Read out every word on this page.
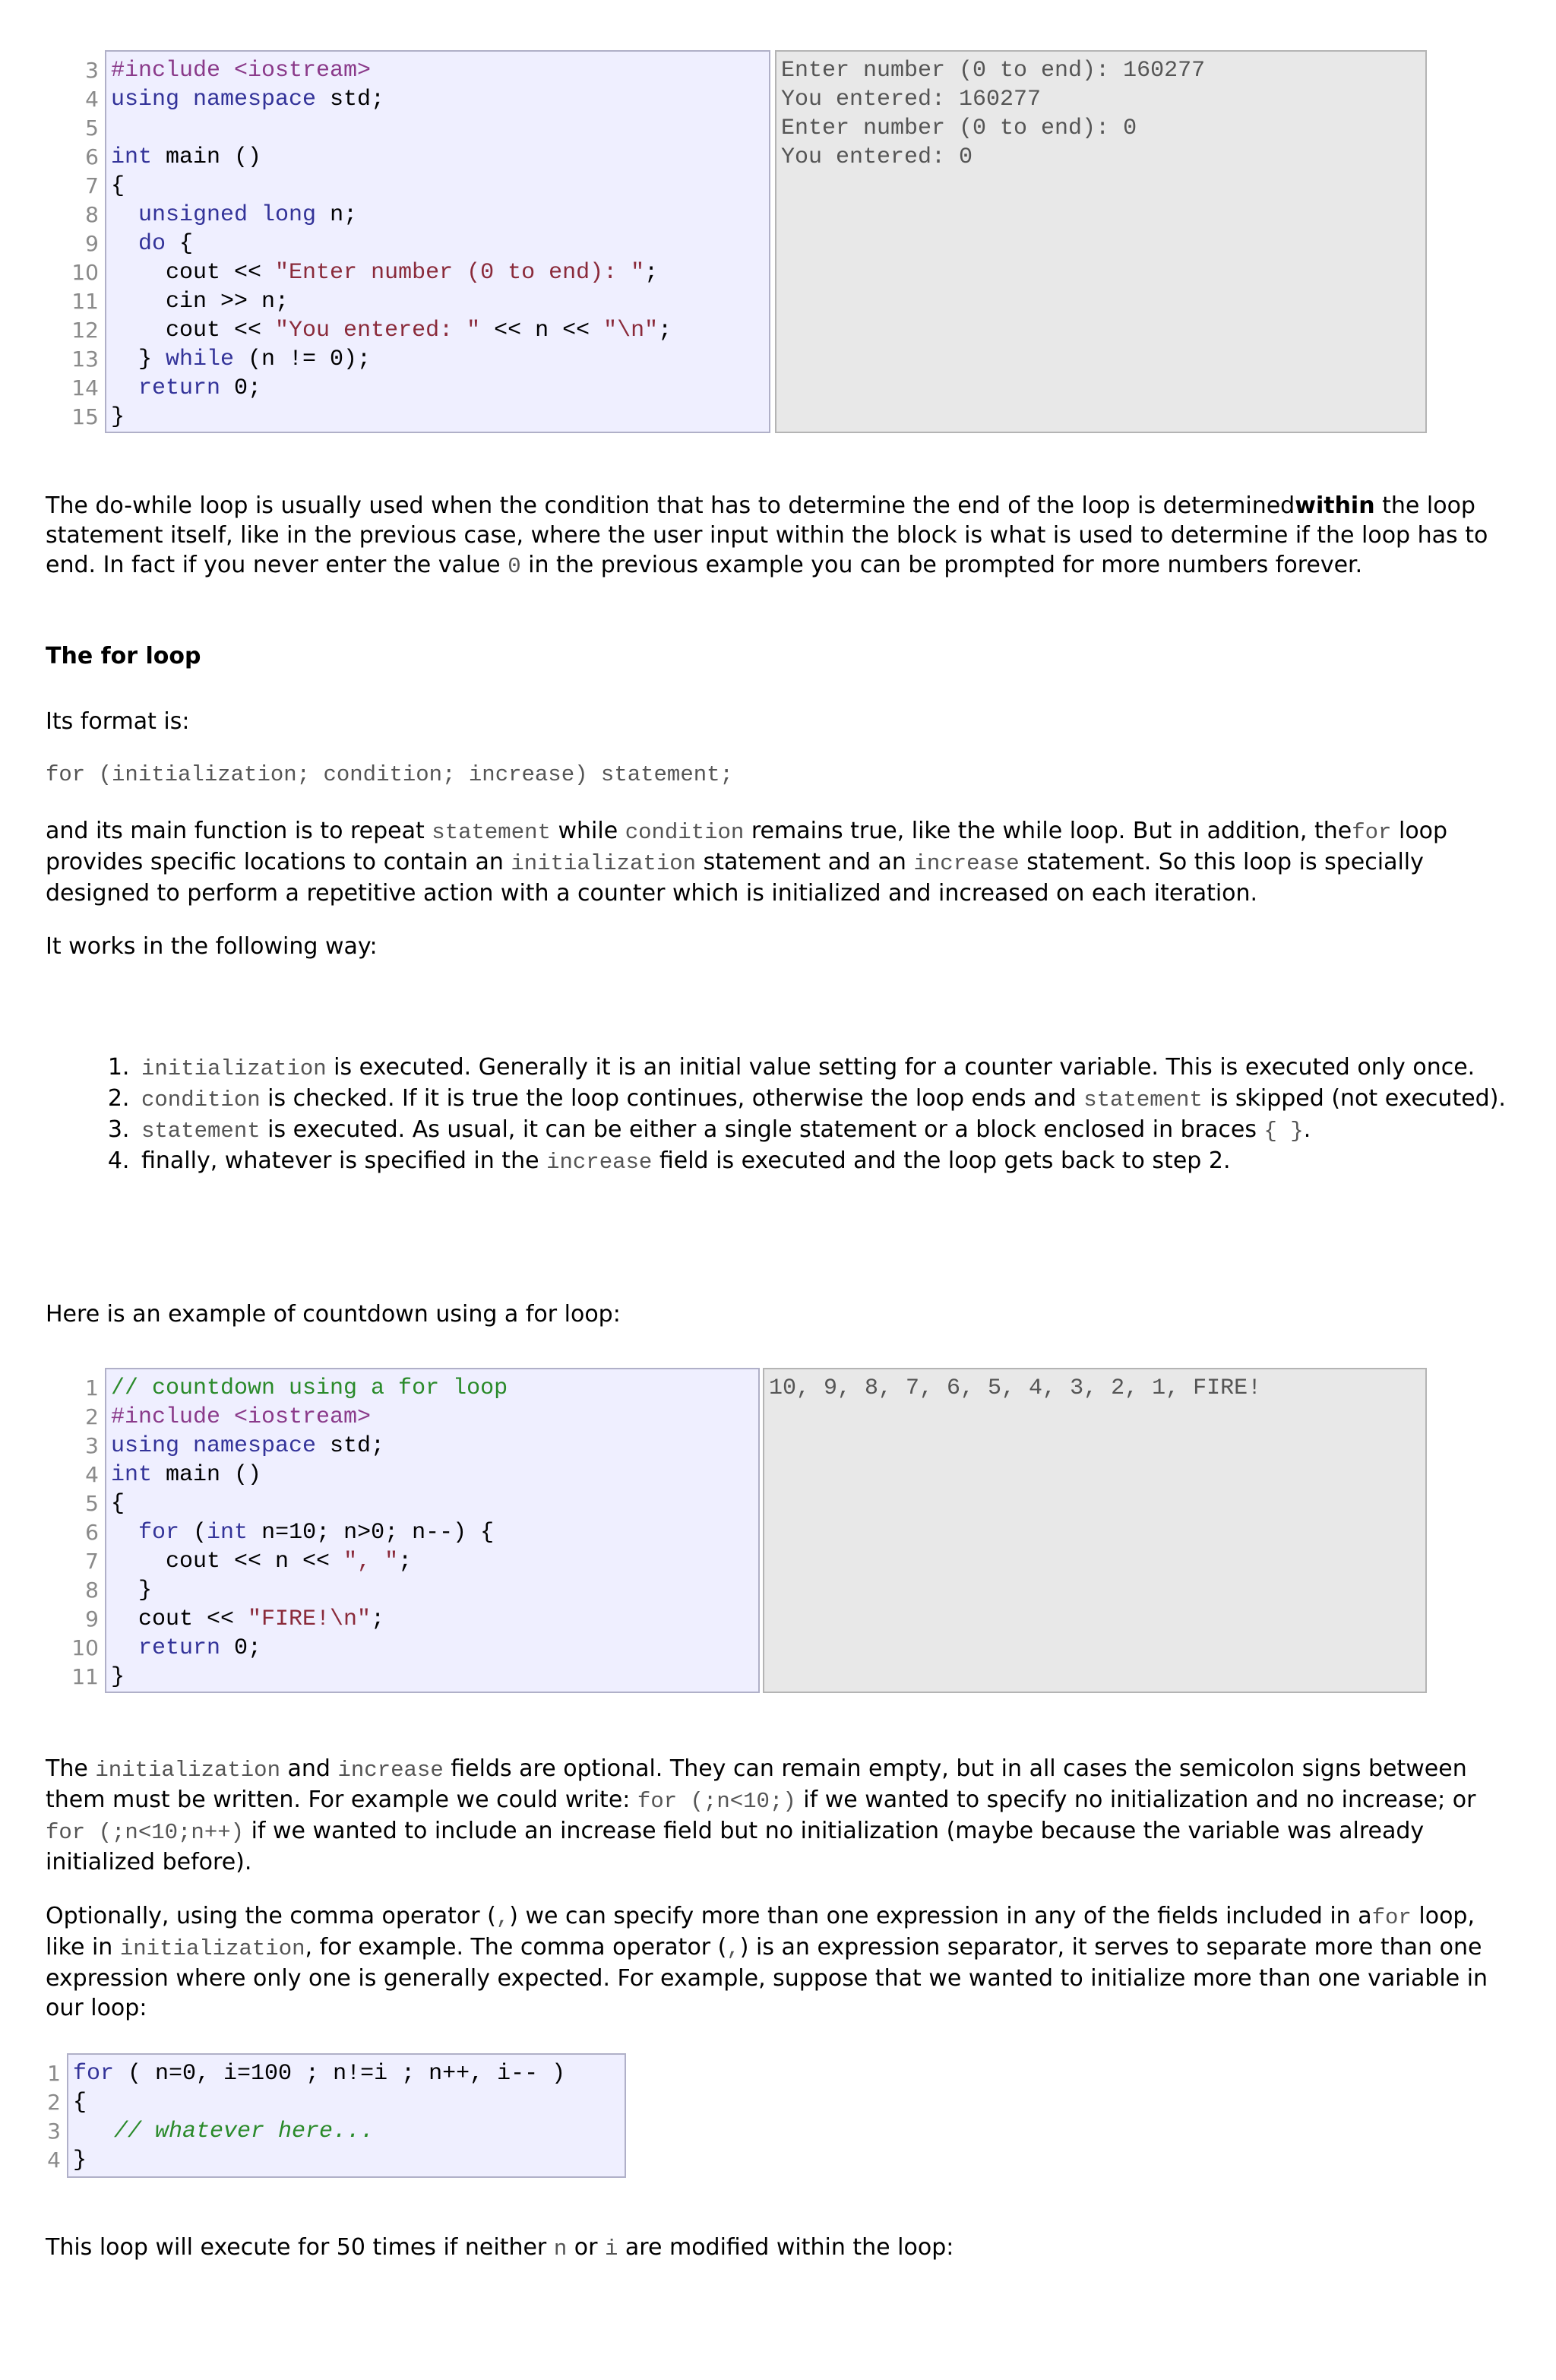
#include <iostream>
using namespace std;
int main ()
{
unsigned long n;
do {
cout << "Enter number (0 to end): ";
cin >> n;
cout << "You entered: " << n << "\n";
} while (n != 0);
return 0;
}
Enter number (0 to end): 160277
You entered: 160277
Enter number (0 to end): 0
You entered: 0
The do-while loop is usually used when the condition that has to determine the end of the loop is determinedwithin the loop statement itself, like in the previous case, where the user input within the block is what is used to determine if the loop has to end. In fact if you never enter the value 0 in the previous example you can be prompted for more numbers forever.
The for loop
Its format is:
for (initialization; condition; increase) statement;
and its main function is to repeat statement while condition remains true, like the while loop. But in addition, thefor loop provides specific locations to contain an initialization statement and an increase statement. So this loop is specially designed to perform a repetitive action with a counter which is initialized and increased on each iteration.
It works in the following way:
1. initialization is executed. Generally it is an initial value setting for a counter variable. This is executed only once.
2. condition is checked. If it is true the loop continues, otherwise the loop ends and statement is skipped (not executed).
3. statement is executed. As usual, it can be either a single statement or a block enclosed in braces { }.
4. finally, whatever is specified in the increase field is executed and the loop gets back to step 2.
Here is an example of countdown using a for loop:
// countdown using a for loop
#include <iostream>
using namespace std;
int main ()
{
for (int n=10; n>0; n--) {
cout << n << ", ";
}
cout << "FIRE!\n";
return 0;
}
10, 9, 8, 7, 6, 5, 4, 3, 2, 1, FIRE!
The initialization and increase fields are optional. They can remain empty, but in all cases the semicolon signs between them must be written. For example we could write: for (;n<10;) if we wanted to specify no initialization and no increase; or for (;n<10;n++) if we wanted to include an increase field but no initialization (maybe because the variable was already initialized before).
Optionally, using the comma operator (,) we can specify more than one expression in any of the fields included in afor loop, like in initialization, for example. The comma operator (,) is an expression separator, it serves to separate more than one expression where only one is generally expected. For example, suppose that we wanted to initialize more than one variable in our loop:
for ( n=0, i=100 ; n!=i ; n++, i-- )
{
// whatever here...
}
This loop will execute for 50 times if neither n or i are modified within the loop:
3
4
5
6
7
8
9
10
11
12
13
14
15
1
2
3
4
5
6
7
8
9
10
11
1
2
3
4
